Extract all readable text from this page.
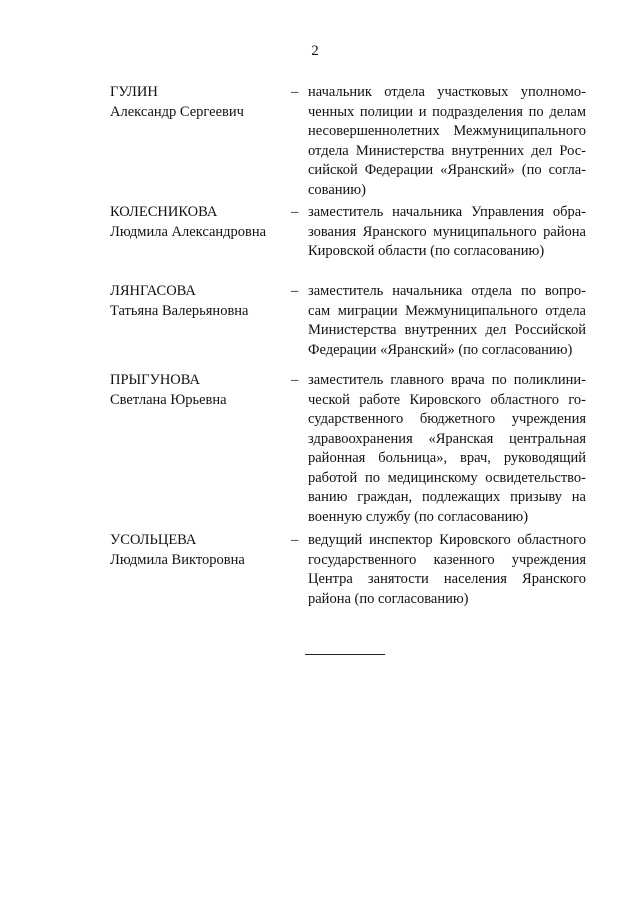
2
ГУЛИН
Александр Сергеевич
– начальник отдела участковых уполномо-
ченных полиции и подразделения по делам
несовершеннолетних Межмуниципального
отдела Министерства внутренних дел Рос-
сийской Федерации «Яранский» (по согла-
сованию)
КОЛЕСНИКОВА
Людмила Александровна
– заместитель начальника Управления обра-
зования Яранского муниципального района
Кировской области (по согласованию)
ЛЯНГАСОВА
Татьяна Валерьяновна
– заместитель начальника отдела по вопро-
сам миграции Межмуниципального отдела
Министерства внутренних дел Российской
Федерации «Яранский» (по согласованию)
ПРЫГУНОВА
Светлана Юрьевна
– заместитель главного врача по поликлини-
ческой работе Кировского областного го-
сударственного бюджетного учреждения
здравоохранения «Яранская центральная
районная больница», врач, руководящий
работой по медицинскому освидетельство-
ванию граждан, подлежащих призыву на
военную службу (по согласованию)
УСОЛЬЦЕВА
Людмила Викторовна
– ведущий инспектор Кировского областного
государственного казенного учреждения
Центра занятости населения Яранского
района (по согласованию)
